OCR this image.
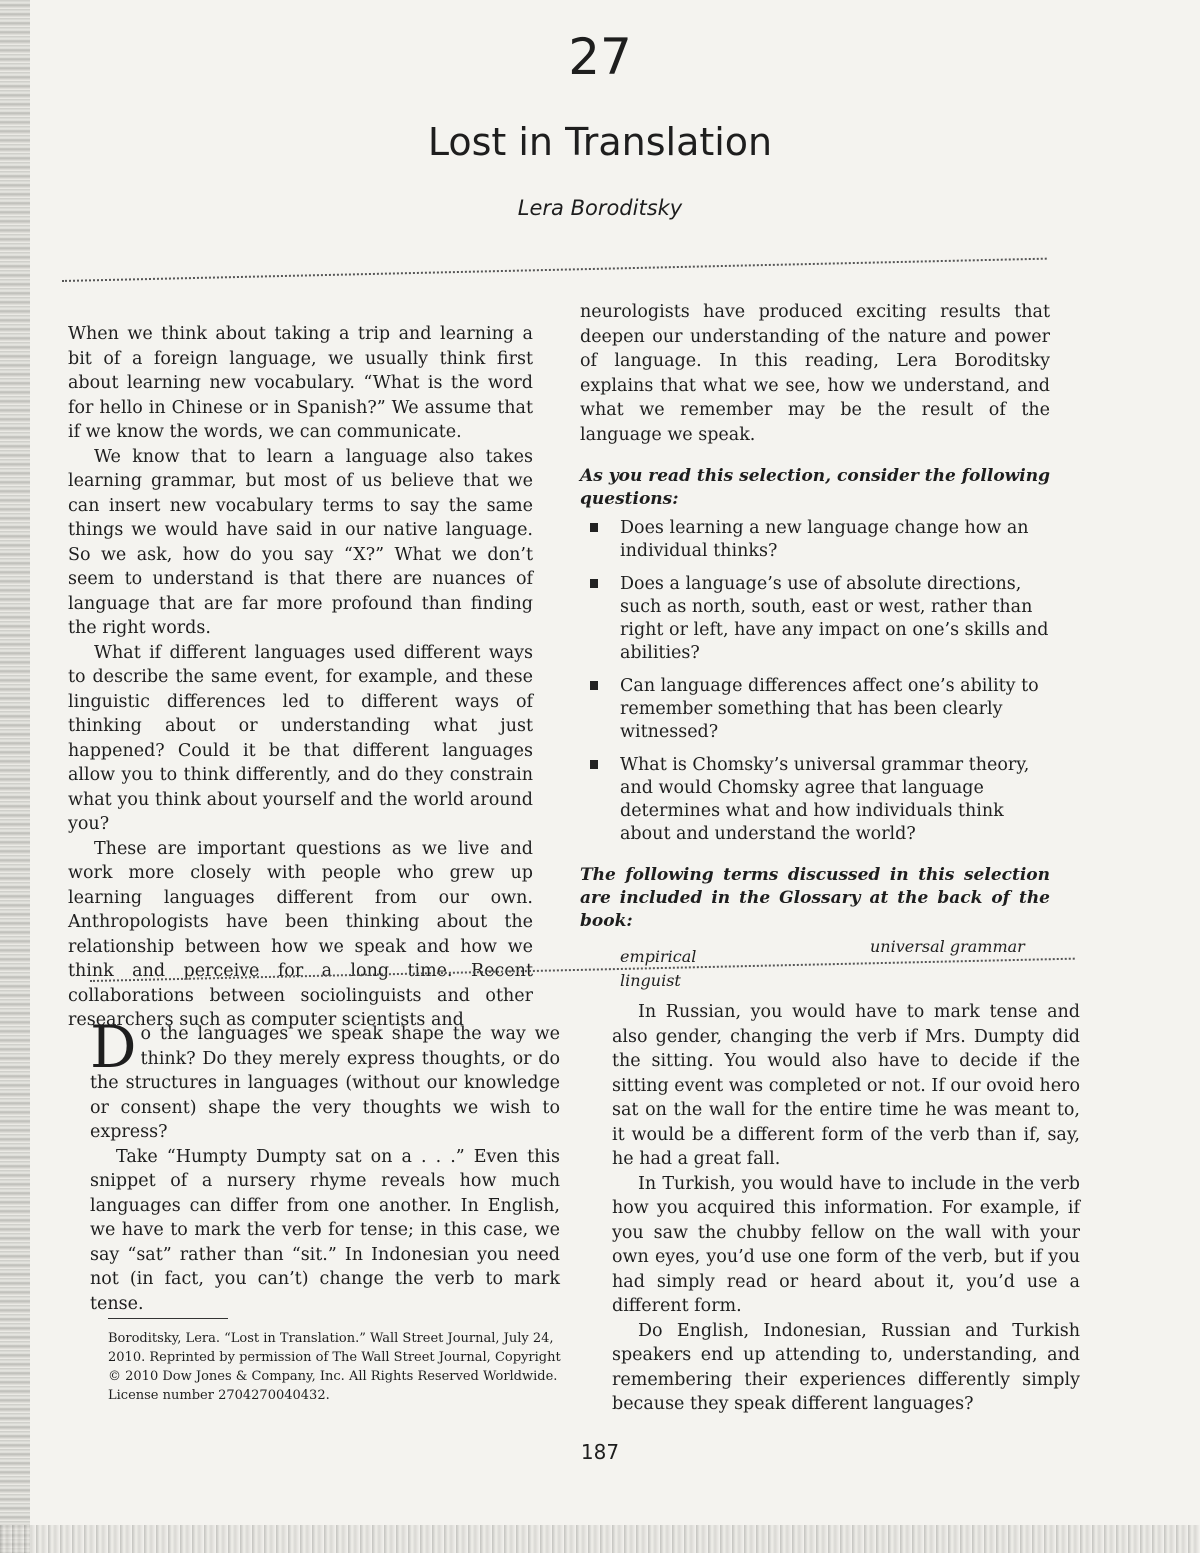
27
Lost in Translation
Lera Boroditsky

When we think about taking a trip and learning a bit of a foreign language, we usually think first about learning new vocabulary. “What is the word for hello in Chinese or in Spanish?” We assume that if we know the words, we can communicate.

We know that to learn a language also takes learning grammar, but most of us believe that we can insert new vocabulary terms to say the same things we would have said in our native language. So we ask, how do you say “X?” What we don’t seem to understand is that there are nuances of language that are far more profound than finding the right words.

What if different languages used different ways to describe the same event, for example, and these linguistic differences led to different ways of thinking about or understanding what just happened? Could it be that different languages allow you to think differently, and do they constrain what you think about yourself and the world around you?

These are important questions as we live and work more closely with people who grew up learning languages different from our own. Anthropologists have been thinking about the relationship between how we speak and how we think and perceive for a long time. Recent collaborations between sociolinguists and other researchers such as computer scientists and

neurologists have produced exciting results that deepen our understanding of the nature and power of language. In this reading, Lera Boroditsky explains that what we see, how we understand, and what we remember may be the result of the language we speak.

As you read this selection, consider the following questions:
Does learning a new language change how an individual thinks?
Does a language’s use of absolute directions, such as north, south, east or west, rather than right or left, have any impact on one’s skills and abilities?
Can language differences affect one’s ability to remember something that has been clearly witnessed?
What is Chomsky’s universal grammar theory, and would Chomsky agree that language determines what and how individuals think about and understand the world?
The following terms discussed in this selection are included in the Glossary at the back of the book:
empirical
linguist
universal grammar

Do the languages we speak shape the way we think? Do they merely express thoughts, or do the structures in languages (without our knowledge or consent) shape the very thoughts we wish to express?

Take “Humpty Dumpty sat on a . . .” Even this snippet of a nursery rhyme reveals how much languages can differ from one another. In English, we have to mark the verb for tense; in this case, we say “sat” rather than “sit.” In Indonesian you need not (in fact, you can’t) change the verb to mark tense.

Boroditsky, Lera. “Lost in Translation.” Wall Street Journal, July 24, 2010. Reprinted by permission of The Wall Street Journal, Copyright © 2010 Dow Jones & Company, Inc. All Rights Reserved Worldwide. License number 2704270040432.

In Russian, you would have to mark tense and also gender, changing the verb if Mrs. Dumpty did the sitting. You would also have to decide if the sitting event was completed or not. If our ovoid hero sat on the wall for the entire time he was meant to, it would be a different form of the verb than if, say, he had a great fall.

In Turkish, you would have to include in the verb how you acquired this information. For example, if you saw the chubby fellow on the wall with your own eyes, you’d use one form of the verb, but if you had simply read or heard about it, you’d use a different form.

Do English, Indonesian, Russian and Turkish speakers end up attending to, understanding, and remembering their experiences differently simply because they speak different languages?

187
